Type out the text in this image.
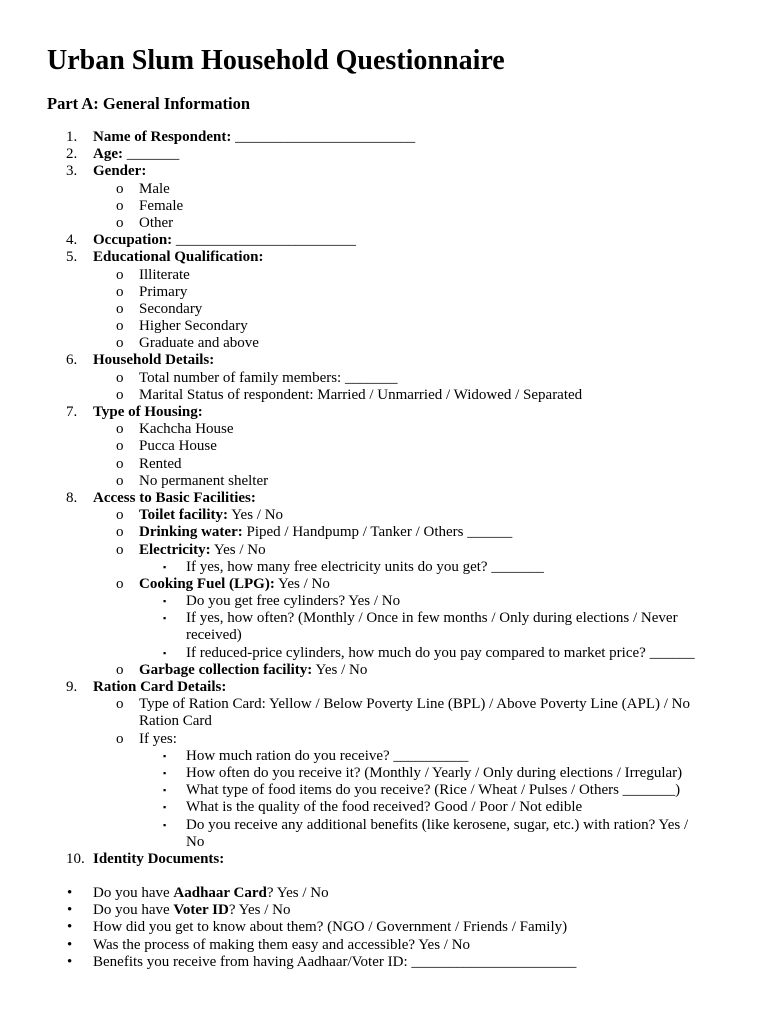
Urban Slum Household Questionnaire
Part A: General Information
1.	Name of Respondent: ________________________
2.	Age: _______
3.	Gender:
o Male
o Female
o Other
4.	Occupation: ________________________
5.	Educational Qualification:
o Illiterate
o Primary
o Secondary
o Higher Secondary
o Graduate and above
6.	Household Details:
o Total number of family members: _______
o Marital Status of respondent: Married / Unmarried / Widowed / Separated
7.	Type of Housing:
o Kachcha House
o Pucca House
o Rented
o No permanent shelter
8.	Access to Basic Facilities:
o Toilet facility: Yes / No
o Drinking water: Piped / Handpump / Tanker / Others ______
o Electricity: Yes / No
▪ If yes, how many free electricity units do you get? _______
o Cooking Fuel (LPG): Yes / No
▪ Do you get free cylinders? Yes / No
▪ If yes, how often? (Monthly / Once in few months / Only during elections / Never
received)
▪ If reduced-price cylinders, how much do you pay compared to market price? ______
o Garbage collection facility: Yes / No
9.	Ration Card Details:
o Type of Ration Card: Yellow / Below Poverty Line (BPL) / Above Poverty Line (APL) / No
Ration Card
o If yes:
▪ How much ration do you receive? __________
▪ How often do you receive it? (Monthly / Yearly / Only during elections / Irregular)
▪ What type of food items do you receive? (Rice / Wheat / Pulses / Others _______)
▪ What is the quality of the food received? Good / Poor / Not edible
▪ Do you receive any additional benefits (like kerosene, sugar, etc.) with ration? Yes /
No
10. Identity Documents:
• Do you have Aadhaar Card? Yes / No
• Do you have Voter ID? Yes / No
• How did you get to know about them? (NGO / Government / Friends / Family)
• Was the process of making them easy and accessible? Yes / No
• Benefits you receive from having Aadhaar/Voter ID: ______________________
